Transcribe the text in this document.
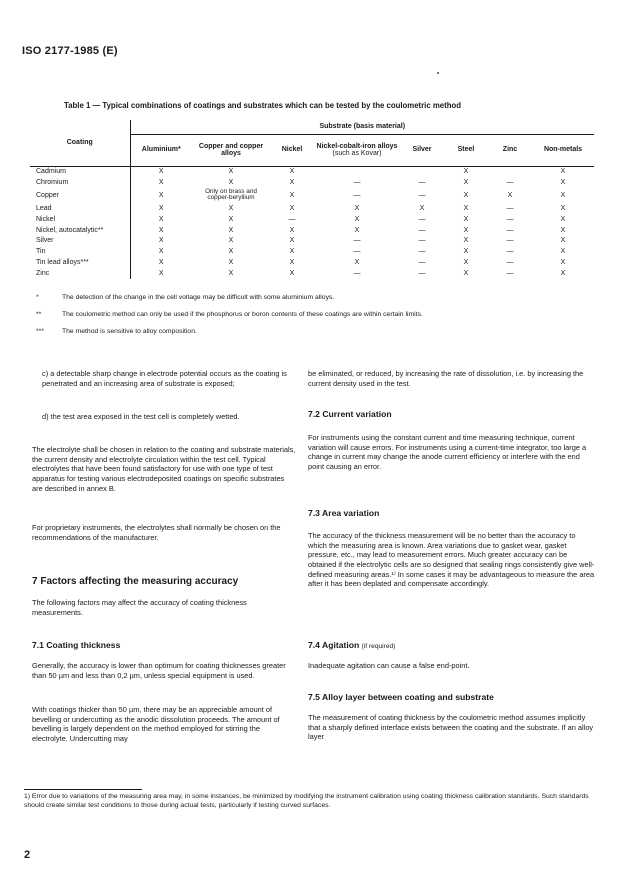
ISO 2177-1985 (E)
Table 1 — Typical combinations of coatings and substrates which can be tested by the coulometric method
Coating	Substrate (basis material)							
	Aluminium*	Copper and copper alloys	Nickel	Nickel-cobalt-iron alloys
(such as Kovar)	Silver	Steel	Zinc	Non-metals
Cadmium	X	X	X			X		X
Chromium	X	X	X	—	—	X	—	X
Copper	X	Only on brass and copper-beryllium	X	—	—	X	X	X
Lead	X	X	X	X	X	X	—	X
Nickel	X	X	—	X	—	X	—	X
Nickel, autocatalytic**	X	X	X	X	—	X	—	X
Silver	X	X	X	—	—	X	—	X
Tin	X	X	X	—	—	X	—	X
Tin lead alloys***	X	X	X	X	—	X	—	X
Zinc	X	X	X	—	—	X	—	X
*	The detection of the change in the cell voltage may be difficult with some aluminium alloys.
**	The coulometric method can only be used if the phosphorus or boron contents of these coatings are within certain limits.
***	The method is sensitive to alloy composition.
c) a detectable sharp change in electrode potential occurs as the coating is penetrated and an increasing area of substrate is exposed;
d) the test area exposed in the test cell is completely wetted.
The electrolyte shall be chosen in relation to the coating and substrate materials, the current density and electrolyte circulation within the test cell. Typical electrolytes that have been found satisfactory for use with one type of test apparatus for testing various electrodeposited coatings on specific substrates are described in annex B.
For proprietary instruments, the electrolytes shall normally be chosen on the recommendations of the manufacturer.
7 Factors affecting the measuring accuracy
The following factors may affect the accuracy of coating thickness measurements.
7.1 Coating thickness
Generally, the accuracy is lower than optimum for coating thicknesses greater than 50 µm and less than 0,2 µm, unless special equipment is used.
With coatings thicker than 50 µm, there may be an appreciable amount of bevelling or undercutting as the anodic dissolution proceeds. The amount of bevelling is largely dependent on the method employed for stirring the electrolyte. Undercutting may
be eliminated, or reduced, by increasing the rate of dissolution, i.e. by increasing the current density used in the test.
7.2 Current variation
For instruments using the constant current and time measuring technique, current variation will cause errors. For instruments using a current-time integrator, too large a change in current may change the anode current efficiency or interfere with the end point causing an error.
7.3 Area variation
The accuracy of the thickness measurement will be no better than the accuracy to which the measuring area is known. Area variations due to gasket wear, gasket pressure, etc., may lead to measurement errors. Much greater accuracy can be obtained if the electrolytic cells are so designed that sealing rings consistently give well-defined measuring areas.¹⁾ In some cases it may be advantageous to measure the area after it has been deplated and compensate accordingly.
7.4 Agitation (if required)
Inadequate agitation can cause a false end-point.
7.5 Alloy layer between coating and substrate
The measurement of coating thickness by the coulometric method assumes implicitly that a sharply defined interface exists between the coating and the substrate. If an alloy layer
1) Error due to variations of the measuring area may, in some instances, be minimized by modifying the instrument calibration using coating thickness calibration standards. Such standards should create similar test conditions to those during actual tests, particularly if testing curved surfaces.
2
